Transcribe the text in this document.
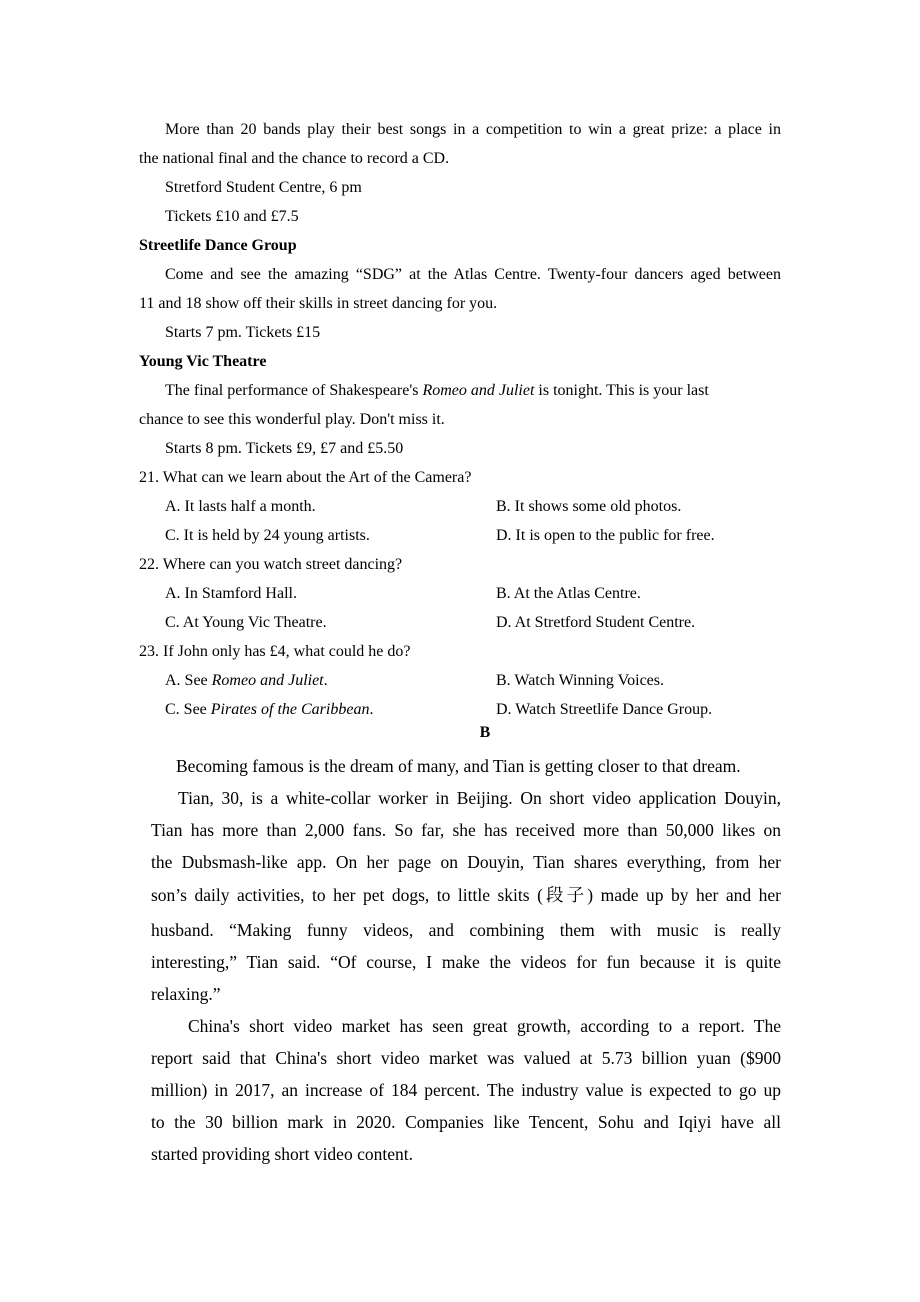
More than 20 bands play their best songs in a competition to win a great prize: a place in
the national final and the chance to record a CD.
Stretford Student Centre, 6 pm
Tickets £10 and £7.5
Streetlife Dance Group
Come and see the amazing “SDG” at the Atlas Centre. Twenty-four dancers aged between
11 and 18 show off their skills in street dancing for you.
Starts 7 pm. Tickets £15
Young Vic Theatre
The final performance of Shakespeare's Romeo and Juliet is tonight. This is your last
chance to see this wonderful play. Don't miss it.
Starts 8 pm. Tickets £9, £7 and £5.50
21. What can we learn about the Art of the Camera?
A. It lasts half a month.	B. It shows some old photos.
C. It is held by 24 young artists.	D. It is open to the public for free.
22. Where can you watch street dancing?
A. In Stamford Hall.	B. At the Atlas Centre.
C. At Young Vic Theatre.	D. At Stretford Student Centre.
23. If John only has £4, what could he do?
A. See Romeo and Juliet.	B. Watch Winning Voices.
C. See Pirates of the Caribbean.	D. Watch Streetlife Dance Group.
B
Becoming famous is the dream of many, and Tian is getting closer to that dream.
Tian, 30, is a white-collar worker in Beijing. On short video application Douyin,
Tian has more than 2,000 fans. So far, she has received more than 50,000 likes on
the Dubsmash-like app. On her page on Douyin, Tian shares everything, from her
son’s daily activities, to her pet dogs, to little skits (段子) made up by her and her
husband. “Making funny videos, and combining them with music is really
interesting,” Tian said. “Of course, I make the videos for fun because it is quite
relaxing.”
China's short video market has seen great growth, according to a report. The
report said that China's short video market was valued at 5.73 billion yuan ($900
million) in 2017, an increase of 184 percent. The industry value is expected to go up
to the 30 billion mark in 2020. Companies like Tencent, Sohu and Iqiyi have all
started providing short video content.
